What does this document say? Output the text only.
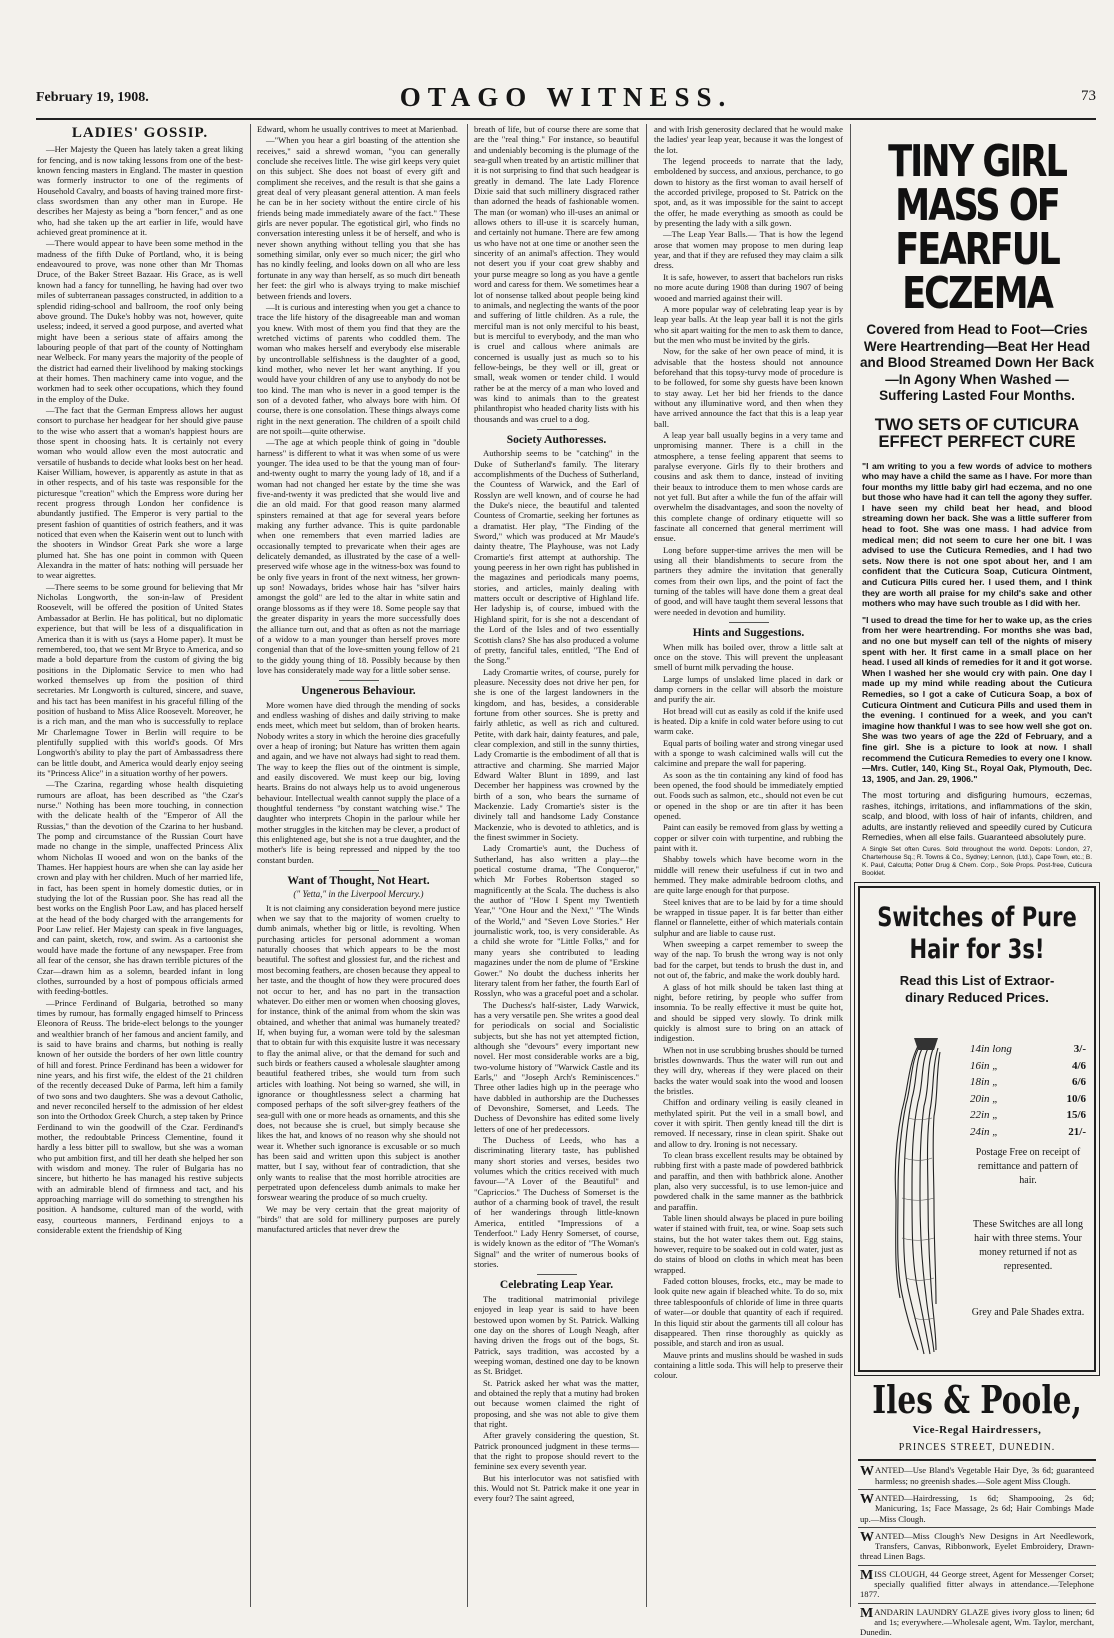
February 19, 1908.	OTAGO WITNESS.	73
LADIES' GOSSIP.

—Her Majesty the Queen has lately taken a great liking for fencing, and is now taking lessons from one of the best-known fencing masters in England. The master in question was formerly instructor to one of the regiments of Household Cavalry, and boasts of having trained more first-class swordsmen than any other man in Europe. He describes her Majesty as being a "born fencer," and as one who, had she taken up the art earlier in life, would have achieved great prominence at it.

—There would appear to have been some method in the madness of the fifth Duke of Portland, who, it is being endeavoured to prove, was none other than Mr Thomas Druce, of the Baker Street Bazaar. His Grace, as is well known had a fancy for tunnelling, he having had over two miles of subterranean passages constructed, in addition to a splendid riding-school and ballroom, the roof only being above ground. The Duke's hobby was not, however, quite useless; indeed, it served a good purpose, and averted what might have been a serious state of affairs among the labouring people of that part of the county of Nottingham near Welbeck. For many years the majority of the people of the district had earned their livelihood by making stockings at their homes. Then machinery came into vogue, and the workmen had to seek other occupations, which they found in the employ of the Duke.

—The fact that the German Empress allows her august consort to purchase her headgear for her should give pause to the wise who assert that a woman's happiest hours are those spent in choosing hats. It is certainly not every woman who would allow even the most autocratic and versatile of husbands to decide what looks best on her head. Kaiser William, however, is apparently as astute in that as in other respects, and of his taste was responsible for the picturesque "creation" which the Empress wore during her recent progress through London her confidence is abundantly justified. The Emperor is very partial to the present fashion of quantities of ostrich feathers, and it was noticed that even when the Kaiserin went out to lunch with the shooters in Windsor Great Park she wore a large plumed hat. She has one point in common with Queen Alexandra in the matter of hats: nothing will persuade her to wear aigrettes.

—There seems to be some ground for believing that Mr Nicholas Longworth, the son-in-law of President Roosevelt, will be offered the position of United States Ambassador at Berlin. He has political, but no diplomatic experience, but that will be less of a disqualification in America than it is with us (says a Home paper). It must be remembered, too, that we sent Mr Bryce to America, and so made a bold departure from the custom of giving the big positions in the Diplomatic Service to men who had worked themselves up from the position of third secretaries. Mr Longworth is cultured, sincere, and suave, and his tact has been manifest in his graceful filling of the position of husband to Miss Alice Roosevelt. Moreover, he is a rich man, and the man who is successfully to replace Mr Charlemagne Tower in Berlin will require to be plentifully supplied with this world's goods. Of Mrs Longworth's ability to play the part of Ambassadress there can be little doubt, and America would dearly enjoy seeing its "Princess Alice" in a situation worthy of her powers.

—The Czarina, regarding whose health disquieting rumours are afloat, has been described as "the Czar's nurse." Nothing has been more touching, in connection with the delicate health of the "Emperor of All the Russias," than the devotion of the Czarina to her husband. The pomp and circumstance of the Russian Court have made no change in the simple, unaffected Princess Alix whom Nicholas II wooed and won on the banks of the Thames. Her happiest hours are when she can lay aside her crown and play with her children. Much of her married life, in fact, has been spent in homely domestic duties, or in studying the lot of the Russian poor. She has read all the best works on the English Poor Law, and has placed herself at the head of the body charged with the arrangements for Poor Law relief. Her Majesty can speak in five languages, and can paint, sketch, row, and swim. As a cartoonist she would have made the fortune of any newspaper. Free from all fear of the censor, she has drawn terrible pictures of the Czar—drawn him as a solemn, bearded infant in long clothes, surrounded by a host of pompous officials armed with feeding-bottles.

—Prince Ferdinand of Bulgaria, betrothed so many times by rumour, has formally engaged himself to Princess Eleonora of Reuss. The bride-elect belongs to the younger and wealthier branch of her famous and ancient family, and is said to have brains and charms, but nothing is really known of her outside the borders of her own little country of hill and forest. Prince Ferdinand has been a widower for nine years, and his first wife, the eldest of the 21 children of the recently deceased Duke of Parma, left him a family of two sons and two daughters. She was a devout Catholic, and never reconciled herself to the admission of her eldest son into the Orthodox Greek Church, a step taken by Prince Ferdinand to win the goodwill of the Czar. Ferdinand's mother, the redoubtable Princess Clementine, found it hardly a less bitter pill to swallow, but she was a woman who put ambition first, and till her death she helped her son with wisdom and money. The ruler of Bulgaria has no sincere, but hitherto he has managed his restive subjects with an admirable blend of firmness and tact, and his approaching marriage will do something to strengthen his position. A handsome, cultured man of the world, with easy, courteous manners, Ferdinand enjoys to a considerable extent the friendship of King

Edward, whom he usually contrives to meet at Marienbad.

—"When you hear a girl boasting of the attention she receives," said a shrewd woman, "you can generally conclude she receives little. The wise girl keeps very quiet on this subject. She does not boast of every gift and compliment she receives, and the result is that she gains a great deal of very pleasant general attention. A man feels he can be in her society without the entire circle of his friends being made immediately aware of the fact." These girls are never popular. The egotistical girl, who finds no conversation interesting unless it be of herself, and who is never shown anything without telling you that she has something similar, only ever so much nicer; the girl who has no kindly feeling, and looks down on all who are less fortunate in any way than herself, as so much dirt beneath her feet: the girl who is always trying to make mischief between friends and lovers.

—It is curious and interesting when you get a chance to trace the life history of the disagreeable man and woman you knew. With most of them you find that they are the wretched victims of parents who coddled them. The woman who makes herself and everybody else miserable by uncontrollable selfishness is the daughter of a good, kind mother, who never let her want anything. If you would have your children of any use to anybody do not be too kind. The man who is never in a good temper is the son of a devoted father, who always bore with him. Of course, there is one consolation. These things always come right in the next generation. The children of a spoilt child are not spoilt—quite otherwise.

—The age at which people think of going in "double harness" is different to what it was when some of us were younger. The idea used to be that the young man of four-and-twenty ought to marry the young lady of 18, and if a woman had not changed her estate by the time she was five-and-twenty it was predicted that she would live and die an old maid. For that good reason many alarmed spinsters remained at that age for several years before making any further advance. This is quite pardonable when one remembers that even married ladies are occasionally tempted to prevaricate when their ages are delicately demanded, as illustrated by the case of a well-preserved wife whose age in the witness-box was found to be only five years in front of the next witness, her grown-up son! Nowadays, brides whose hair has "silver hairs amongst the gold" are led to the altar in white satin and orange blossoms as if they were 18. Some people say that the greater disparity in years the more successfully does the alliance turn out, and that as often as not the marriage of a widow to a man younger than herself proves more congenial than that of the love-smitten young fellow of 21 to the giddy young thing of 18. Possibly because by then love has considerately made way for a little sober sense.

Ungenerous Behaviour.

More women have died through the mending of socks and endless washing of dishes and daily striving to make ends meet, which meet but seldom, than of broken hearts. Nobody writes a story in which the heroine dies gracefully over a heap of ironing; but Nature has written them again and again, and we have not always had sight to read them. The way to keep the flies out of the ointment is simple, and easily discovered. We must keep our big, loving hearts. Brains do not always help us to avoid ungenerous behaviour. Intellectual wealth cannot supply the place of a thoughtful tenderness "by constant watching wise." The daughter who interprets Chopin in the parlour while her mother struggles in the kitchen may be clever, a product of this enlightened age, but she is not a true daughter, and the mother's life is being repressed and nipped by the too constant burden.

Want of Thought, Not Heart.
(" Yetta," in the Liverpool Mercury.)

It is not claiming any consideration beyond mere justice when we say that to the majority of women cruelty to dumb animals, whether big or little, is revolting. When purchasing articles for personal adornment a woman naturally chooses that which appears to be the most beautiful. The softest and glossiest fur, and the richest and most becoming feathers, are chosen because they appeal to her taste, and the thought of how they were procured does not occur to her, and has no part in the transaction whatever. Do either men or women when choosing gloves, for instance, think of the animal from whom the skin was obtained, and whether that animal was humanely treated? If, when buying fur, a woman were told by the salesman that to obtain fur with this exquisite lustre it was necessary to flay the animal alive, or that the demand for such and such birds or feathers caused a wholesale slaughter among beautiful feathered tribes, she would turn from such articles with loathing. Not being so warned, she will, in ignorance or thoughtlessness select a charming hat composed perhaps of the soft silver-grey feathers of the sea-gull with one or more heads as ornaments, and this she does, not because she is cruel, but simply because she likes the hat, and knows of no reason why she should not wear it. Whether such ignorance is excusable or so much has been said and written upon this subject is another matter, but I say, without fear of contradiction, that she only wants to realise that the most horrible atrocities are perpetrated upon defenceless dumb animals to make her forswear wearing the produce of so much cruelty.

We may be very certain that the great majority of "birds" that are sold for millinery purposes are purely manufactured articles that never drew the

breath of life, but of course there are some that are the "real thing." For instance, so beautiful and undeniably becoming is the plumage of the sea-gull when treated by an artistic milliner that it is not surprising to find that such headgear is greatly in demand. The late Lady Florence Dixie said that such millinery disgraced rather than adorned the heads of fashionable women. The man (or woman) who ill-uses an animal or allows others to ill-use it is scarcely human, and certainly not humane. There are few among us who have not at one time or another seen the sincerity of an animal's affection. They would not desert you if your coat grew shabby and your purse meagre so long as you have a gentle word and caress for them. We sometimes hear a lot of nonsense talked about people being kind to animals, and neglecting the wants of the poor and suffering of little children. As a rule, the merciful man is not only merciful to his beast, but is merciful to everybody, and the man who is cruel and callous where animals are concerned is usually just as much so to his fellow-beings, be they well or ill, great or small, weak women or tender child. I would rather be at the mercy of a man who loved and was kind to animals than to the greatest philanthropist who headed charity lists with his thousands and was cruel to a dog.

Society Authoresses.

Authorship seems to be "catching" in the Duke of Sutherland's family. The literary accomplishments of the Duchess of Sutherland, the Countess of Warwick, and the Earl of Rosslyn are well known, and of course he had the Duke's niece, the beautiful and talented Countess of Cromartie, seeking her fortunes as a dramatist. Her play, "The Finding of the Sword," which was produced at Mr Maude's dainty theatre, The Playhouse, was not Lady Cromartie's first attempt at authorship. The young peeress in her own right has published in the magazines and periodicals many poems, stories, and articles, mainly dealing with matters occult or descriptive of Highland life. Her ladyship is, of course, imbued with the Highland spirit, for is she not a descendant of the Lord of the Isles and of two essentially Scottish clans? She has also produced a volume of pretty, fanciful tales, entitled, "The End of the Song."

Lady Cromartie writes, of course, purely for pleasure. Necessity does not drive her pen, for she is one of the largest landowners in the kingdom, and has, besides, a considerable fortune from other sources. She is pretty and fairly athletic, as well as rich and cultured. Petite, with dark hair, dainty features, and pale, clear complexion, and still in the sunny thirties, Lady Cromartie is the embodiment of all that is attractive and charming. She married Major Edward Walter Blunt in 1899, and last December her happiness was crowned by the birth of a son, who bears the surname of Mackenzie. Lady Cromartie's sister is the divinely tall and handsome Lady Constance Mackenzie, who is devoted to athletics, and is the finest swimmer in Society.

Lady Cromartie's aunt, the Duchess of Sutherland, has also written a play—the poetical costume drama, "The Conqueror," which Mr Forbes Robertson staged so magnificently at the Scala. The duchess is also the author of "How I Spent my Twentieth Year," "One Hour and the Next," "The Winds of the World," and "Seven Love Stories." Her journalistic work, too, is very considerable. As a child she wrote for "Little Folks," and for many years she contributed to leading magazines under the nom de plume of "Erskine Gower." No doubt the duchess inherits her literary talent from her father, the fourth Earl of Rosslyn, who was a graceful poet and a scholar.

The Duchess's half-sister, Lady Warwick, has a very versatile pen. She writes a good deal for periodicals on social and Socialistic subjects, but she has not yet attempted fiction, although she "devours" every important new novel. Her most considerable works are a big, two-volume history of "Warwick Castle and its Earls," and "Joseph Arch's Reminiscences." Three other ladies high up in the peerage who have dabbled in authorship are the Duchesses of Devonshire, Somerset, and Leeds. The Duchess of Devonshire has edited some lively letters of one of her predecessors.

The Duchess of Leeds, who has a discriminating literary taste, has published many short stories and verses, besides two volumes which the critics received with much favour—"A Lover of the Beautiful" and "Capriccios." The Duchess of Somerset is the author of a charming book of travel, the result of her wanderings through little-known America, entitled "Impressions of a Tenderfoot." Lady Henry Somerset, of course, is widely known as the editor of "The Woman's Signal" and the writer of numerous books of stories.

Celebrating Leap Year.

The traditional matrimonial privilege enjoyed in leap year is said to have been bestowed upon women by St. Patrick. Walking one day on the shores of Lough Neagh, after having driven the frogs out of the bogs, St. Patrick, says tradition, was accosted by a weeping woman, destined one day to be known as St. Bridget.

St. Patrick asked her what was the matter, and obtained the reply that a mutiny had broken out because women claimed the right of proposing, and she was not able to give them that right.

After gravely considering the question, St. Patrick pronounced judgment in these terms—that the right to propose should revert to the feminine sex every seventh year.

But his interlocutor was not satisfied with this. Would not St. Patrick make it one year in every four? The saint agreed,

and with Irish generosity declared that he would make the ladies' year leap year, because it was the longest of the lot.

The legend proceeds to narrate that the lady, emboldened by success, and anxious, perchance, to go down to history as the first woman to avail herself of the accorded privilege, proposed to St. Patrick on the spot, and, as it was impossible for the saint to accept the offer, he made everything as smooth as could be by presenting the lady with a silk gown.

—The Leap Year Balls.— That is how the legend arose that women may propose to men during leap year, and that if they are refused they may claim a silk dress.

It is safe, however, to assert that bachelors run risks no more acute during 1908 than during 1907 of being wooed and married against their will.

A more popular way of celebrating leap year is by leap year balls. At the leap year ball it is not the girls who sit apart waiting for the men to ask them to dance, but the men who must be invited by the girls.

Now, for the sake of her own peace of mind, it is advisable that the hostess should not announce beforehand that this topsy-turvy mode of procedure is to be followed, for some shy guests have been known to stay away. Let her bid her friends to the dance without any illuminative word, and then when they have arrived announce the fact that this is a leap year ball.

A leap year ball usually begins in a very tame and unpromising manner. There is a chill in the atmosphere, a tense feeling apparent that seems to paralyse everyone. Girls fly to their brothers and cousins and ask them to dance, instead of inviting their beaux to introduce them to men whose cards are not yet full. But after a while the fun of the affair will overwhelm the disadvantages, and soon the novelty of this complete change of ordinary etiquette will so fascinate all concerned that general merriment will ensue.

Long before supper-time arrives the men will be using all their blandishments to secure from the partners they admire the invitation that generally comes from their own lips, and the point of fact the turning of the tables will have done them a great deal of good, and will have taught them several lessons that were needed in devotion and humility.

Hints and Suggestions.

When milk has boiled over, throw a little salt at once on the stove. This will prevent the unpleasant smell of burnt milk pervading the house.

Large lumps of unslaked lime placed in dark or damp corners in the cellar will absorb the moisture and purify the air.

Hot bread will cut as easily as cold if the knife used is heated. Dip a knife in cold water before using to cut warm cake.

Equal parts of boiling water and strong vinegar used with a sponge to wash calcimined walls will cut the calcimine and prepare the wall for papering.

As soon as the tin containing any kind of food has been opened, the food should be immediately emptied out. Foods such as salmon, etc., should not even be cut or opened in the shop or are tin after it has been opened.

Paint can easily be removed from glass by wetting a copper or silver coin with turpentine, and rubbing the paint with it.

Shabby towels which have become worn in the middle will renew their usefulness if cut in two and hemmed. They make admirable bedroom cloths, and are quite large enough for that purpose.

Steel knives that are to be laid by for a time should be wrapped in tissue paper. It is far better than either flannel or flannelette, either of which materials contain sulphur and are liable to cause rust.

When sweeping a carpet remember to sweep the way of the nap. To brush the wrong way is not only bad for the carpet, but tends to brush the dust in, and not out of, the fabric, and make the work doubly hard.

A glass of hot milk should be taken last thing at night, before retiring, by people who suffer from insomnia. To be really effective it must be quite hot, and should be sipped very slowly. To drink milk quickly is almost sure to bring on an attack of indigestion.

When not in use scrubbing brushes should be turned bristles downwards. Thus the water will run out and they will dry, whereas if they were placed on their backs the water would soak into the wood and loosen the bristles.

Chiffon and ordinary veiling is easily cleaned in methylated spirit. Put the veil in a small bowl, and cover it with spirit. Then gently knead till the dirt is removed. If necessary, rinse in clean spirit. Shake out and allow to dry. Ironing is not necessary.

To clean brass excellent results may be obtained by rubbing first with a paste made of powdered bathbrick and paraffin, and then with bathbrick alone. Another plan, also very successful, is to use lemon-juice and powdered chalk in the same manner as the bathbrick and paraffin.

Table linen should always be placed in pure boiling water if stained with fruit, tea, or wine. Soap sets such stains, but the hot water takes them out. Egg stains, however, require to be soaked out in cold water, just as do stains of blood on cloths in which meat has been wrapped.

Faded cotton blouses, frocks, etc., may be made to look quite new again if bleached white. To do so, mix three tablespoonfuls of chloride of lime in three quarts of water—or double that quantity of each if required. In this liquid stir about the garments till all colour has disappeared. Then rinse thoroughly as quickly as possible, and starch and iron as usual.

Mauve prints and muslins should be washed in suds containing a little soda. This will help to preserve their colour.

TINY GIRL MASS OF
FEARFUL ECZEMA
Covered from Head to Foot—Cries Were Heartrending—Beat Her Head and Blood Streamed Down Her Back—In Agony When Washed —Suffering Lasted Four Months.
TWO SETS OF CUTICURA EFFECT PERFECT CURE
"I am writing to you a few words of advice to mothers who may have a child the same as I have. For more than four months my little baby girl had eczema, and no one but those who have had it can tell the agony they suffer. I have seen my child beat her head, and blood streaming down her back. She was a little sufferer from head to foot. She was one mass. I had advice from medical men; did not seem to cure her one bit. I was advised to use the Cuticura Remedies, and I had two sets. Now there is not one spot about her, and I am confident that the Cuticura Soap, Cuticura Ointment, and Cuticura Pills cured her. I used them, and I think they are worth all praise for my child's sake and other mothers who may have such trouble as I did with her.
"I used to dread the time for her to wake up, as the cries from her were heartrending. For months she was bad, and no one but myself can tell of the nights of misery spent with her. It first came in a small place on her head. I used all kinds of remedies for it and it got worse. When I washed her she would cry with pain. One day I made up my mind while reading about the Cuticura Remedies, so I got a cake of Cuticura Soap, a box of Cuticura Ointment and Cuticura Pills and used them in the evening. I continued for a week, and you can't imagine how thankful I was to see how well she got on. She was two years of age the 22d of February, and a fine girl. She is a picture to look at now. I shall recommend the Cuticura Remedies to every one I know.—Mrs. Cutler, 140, King St., Royal Oak, Plymouth, Dec. 13, 1905, and Jan. 29, 1906."
The most torturing and disfiguring humours, eczemas, rashes, itchings, irritations, and inflammations of the skin, scalp, and blood, with loss of hair of infants, children, and adults, are instantly relieved and speedily cured by Cuticura Remedies, when all else fails. Guaranteed absolutely pure.
A Single Set often Cures. Sold throughout the world. Depots: London, 27, Charterhouse Sq.; R. Towns & Co., Sydney; Lennon, (Ltd.), Cape Town, etc.; B. K. Paul, Calcutta; Potter Drug & Chem. Corp., Sole Props. Post-free, Cuticura Booklet.
Switches of Pure
Hair for 3s!
Read this List of Extraor-
dinary Reduced Prices.
14in long	3/-
16in „	4/6
18in „	6/6
20in „	10/6
22in „	15/6
24in „	21/-
Postage Free on receipt of remittance and pattern of hair.
These Switches are all long hair with three stems. Your money returned if not as represented.
Grey and Pale Shades extra.
Iles & Poole,
Vice-Regal Hairdressers,
PRINCES STREET, DUNEDIN.
WANTED—Use Bland's Vegetable Hair Dye, 3s 6d; guaranteed harmless; no greenish shades.—Sole agent Miss Clough.
WANTED—Hairdressing, 1s 6d; Shampooing, 2s 6d; Manicuring, 1s; Face Massage, 2s 6d; Hair Combings Made up.—Miss Clough.
WANTED—Miss Clough's New Designs in Art Needlework, Transfers, Canvas, Ribbonwork, Eyelet Embroidery, Drawn-thread Linen Bags.
MISS CLOUGH, 44 George street, Agent for Messenger Corset; specially qualified fitter always in attendance.—Telephone 1877.
MANDARIN LAUNDRY GLAZE gives ivory gloss to linen; 6d and 1s; everywhere.—Wholesale agent, Wm. Taylor, merchant, Dunedin.
